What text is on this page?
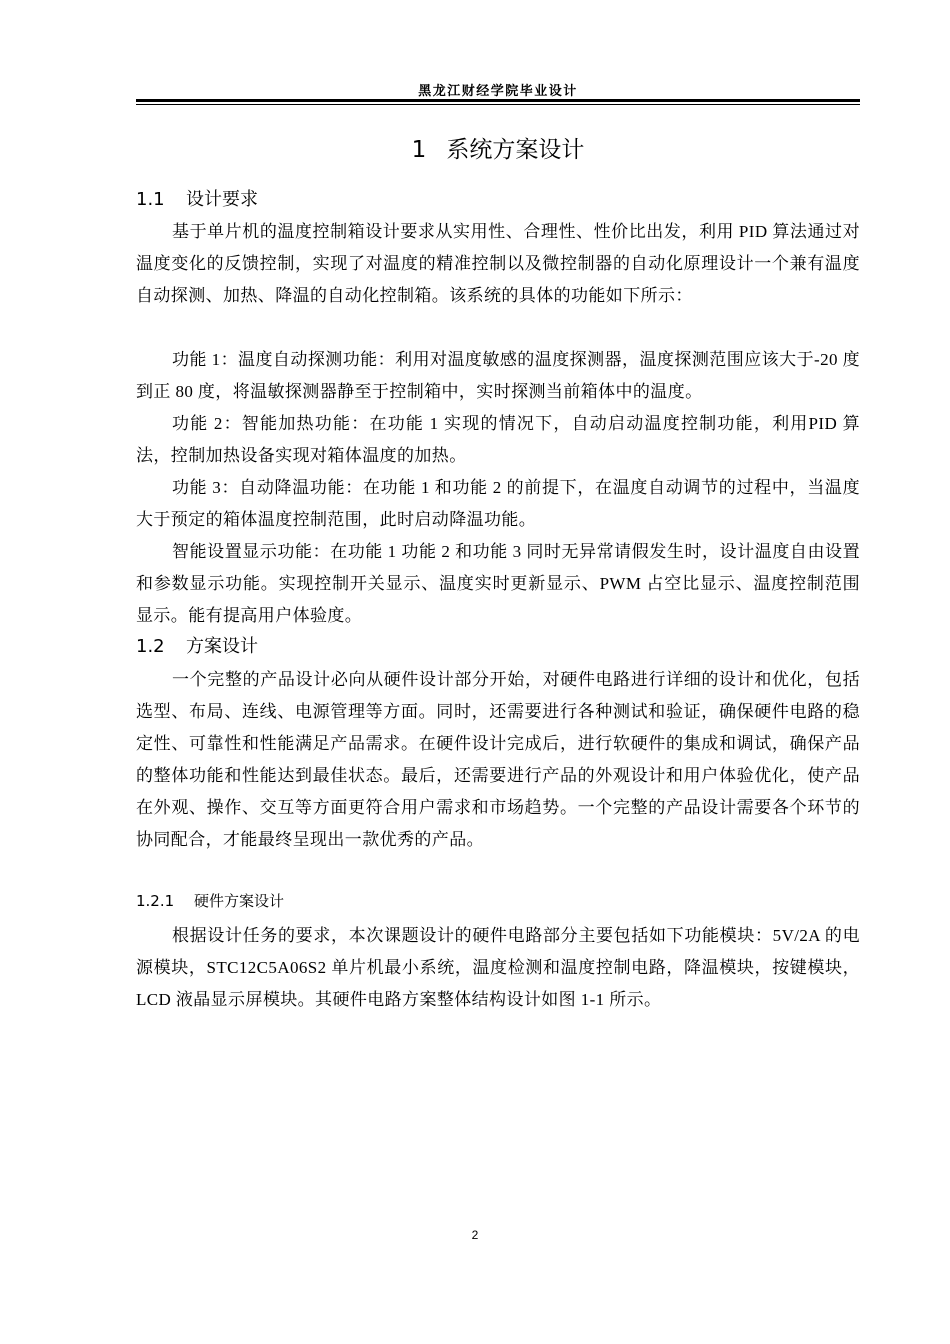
黑龙江财经学院毕业设计
1 系统方案设计
1.1 设计要求

基于单片机的温度控制箱设计要求从实用性、合理性、性价比出发，利用 PID 算法通过对温度变化的反馈控制，实现了对温度的精准控制以及微控制器的自动化原理设计一个兼有温度自动探测、加热、降温的自动化控制箱。该系统的具体的功能如下所示：

功能 1：温度自动探测功能：利用对温度敏感的温度探测器，温度探测范围应该大于-20 度到正 80 度，将温敏探测器静至于控制箱中，实时探测当前箱体中的温度。

功能 2：智能加热功能：在功能 1 实现的情况下，自动启动温度控制功能，利用PID 算法，控制加热设备实现对箱体温度的加热。

功能 3：自动降温功能：在功能 1 和功能 2 的前提下，在温度自动调节的过程中，当温度大于预定的箱体温度控制范围，此时启动降温功能。

智能设置显示功能：在功能 1 功能 2 和功能 3 同时无异常请假发生时，设计温度自由设置和参数显示功能。实现控制开关显示、温度实时更新显示、PWM 占空比显示、温度控制范围显示。能有提高用户体验度。

1.2 方案设计

一个完整的产品设计必向从硬件设计部分开始，对硬件电路进行详细的设计和优化，包括选型、布局、连线、电源管理等方面。同时，还需要进行各种测试和验证，确保硬件电路的稳定性、可靠性和性能满足产品需求。在硬件设计完成后，进行软硬件的集成和调试，确保产品的整体功能和性能达到最佳状态。最后，还需要进行产品的外观设计和用户体验优化，使产品在外观、操作、交互等方面更符合用户需求和市场趋势。一个完整的产品设计需要各个环节的协同配合，才能最终呈现出一款优秀的产品。

1.2.1 硬件方案设计

根据设计任务的要求，本次课题设计的硬件电路部分主要包括如下功能模块：5V/2A 的电源模块，STC12C5A06S2 单片机最小系统，温度检测和温度控制电路，降温模块，按键模块， LCD 液晶显示屏模块。其硬件电路方案整体结构设计如图 1-1 所示。

2
